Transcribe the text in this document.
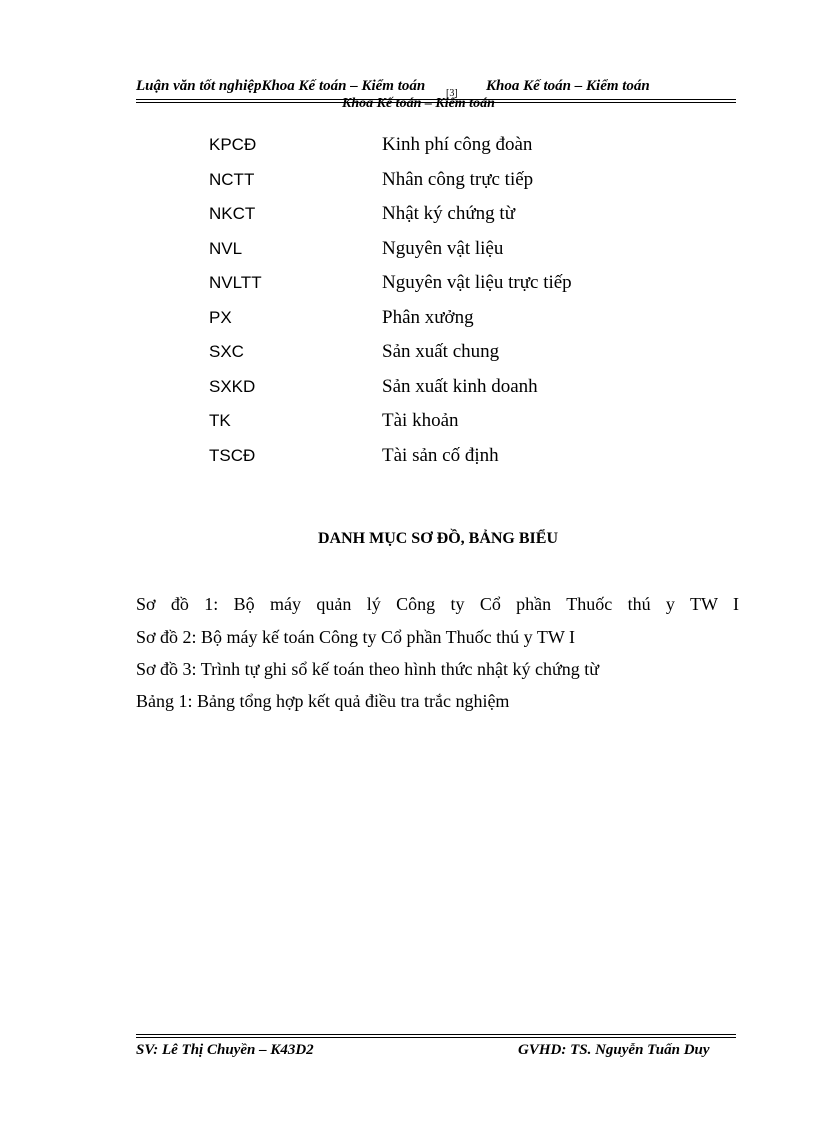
Luận văn tốt nghiệpKhoa Kế toán – Kiểm toán [3] Khoa Kế toán – Kiểm toán
Khoa Kế toán – Kiểm toán
KPCĐ	Kinh phí công đoàn
NCTT	Nhân công trực tiếp
NKCT	Nhật ký chứng từ
NVL	Nguyên vật liệu
NVLTT	Nguyên vật liệu trực tiếp
PX	Phân xưởng
SXC	Sản xuất chung
SXKD	Sản xuất kinh doanh
TK	Tài khoản
TSCĐ	Tài sản cố định
DANH MỤC SƠ ĐỒ, BẢNG BIỂU
Sơ đồ 1: Bộ máy quản lý Công ty Cổ phần Thuốc thú y TW I
Sơ đồ 2: Bộ máy kế toán Công ty Cổ phần Thuốc thú y TW I
Sơ đồ 3: Trình tự ghi sổ kế toán theo hình thức nhật ký chứng từ
Bảng 1: Bảng tổng hợp kết quả điều tra trắc nghiệm
SV: Lê Thị Chuyền – K43D2	GVHD: TS. Nguyễn Tuấn Duy
